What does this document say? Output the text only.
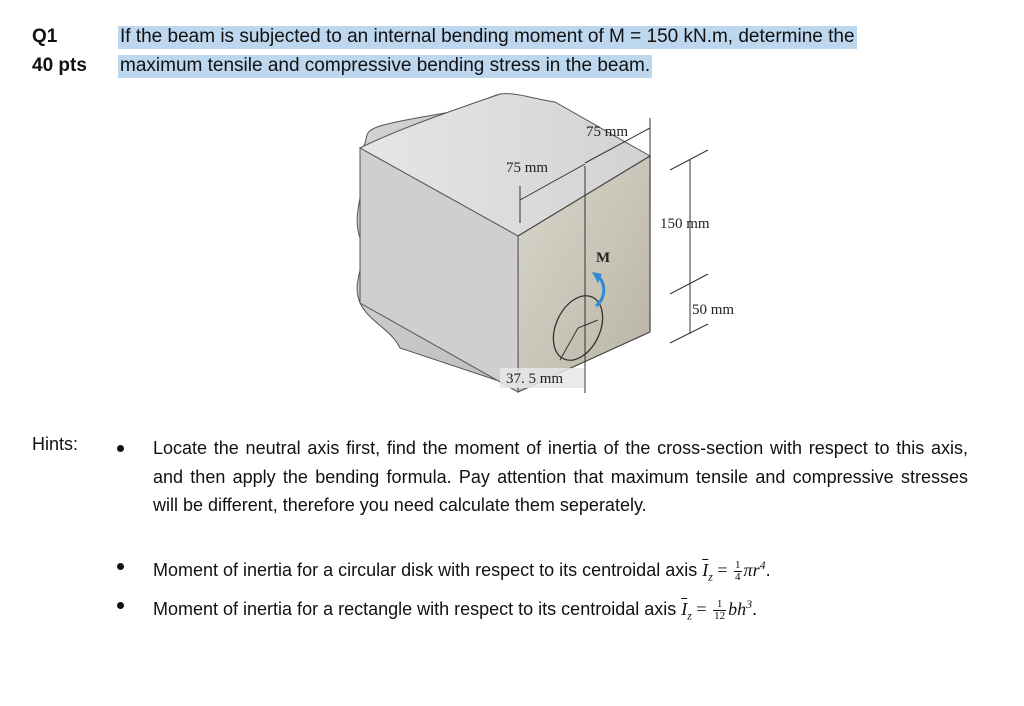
Q1
40 pts
If the beam is subjected to an internal bending moment of M = 150 kN.m, determine the
maximum tensile and compressive bending stress in the beam.
M
75 mm
75 mm
150 mm
50 mm
37. 5 mm
Hints:	Locate the neutral axis first, find the moment of inertia of the cross-section with respect to this axis, and then apply the bending formula. Pay attention that maximum tensile and compressive stresses will be different, therefore you need calculate them seperately.
Moment of inertia for a circular disk with respect to its centroidal axis $\overline{I}_z = \frac{1}{4} \pi r^4$.
Moment of inertia for a rectangle with respect to its centroidal axis $\overline{I}_z = \frac{1}{12} bh^3$.
